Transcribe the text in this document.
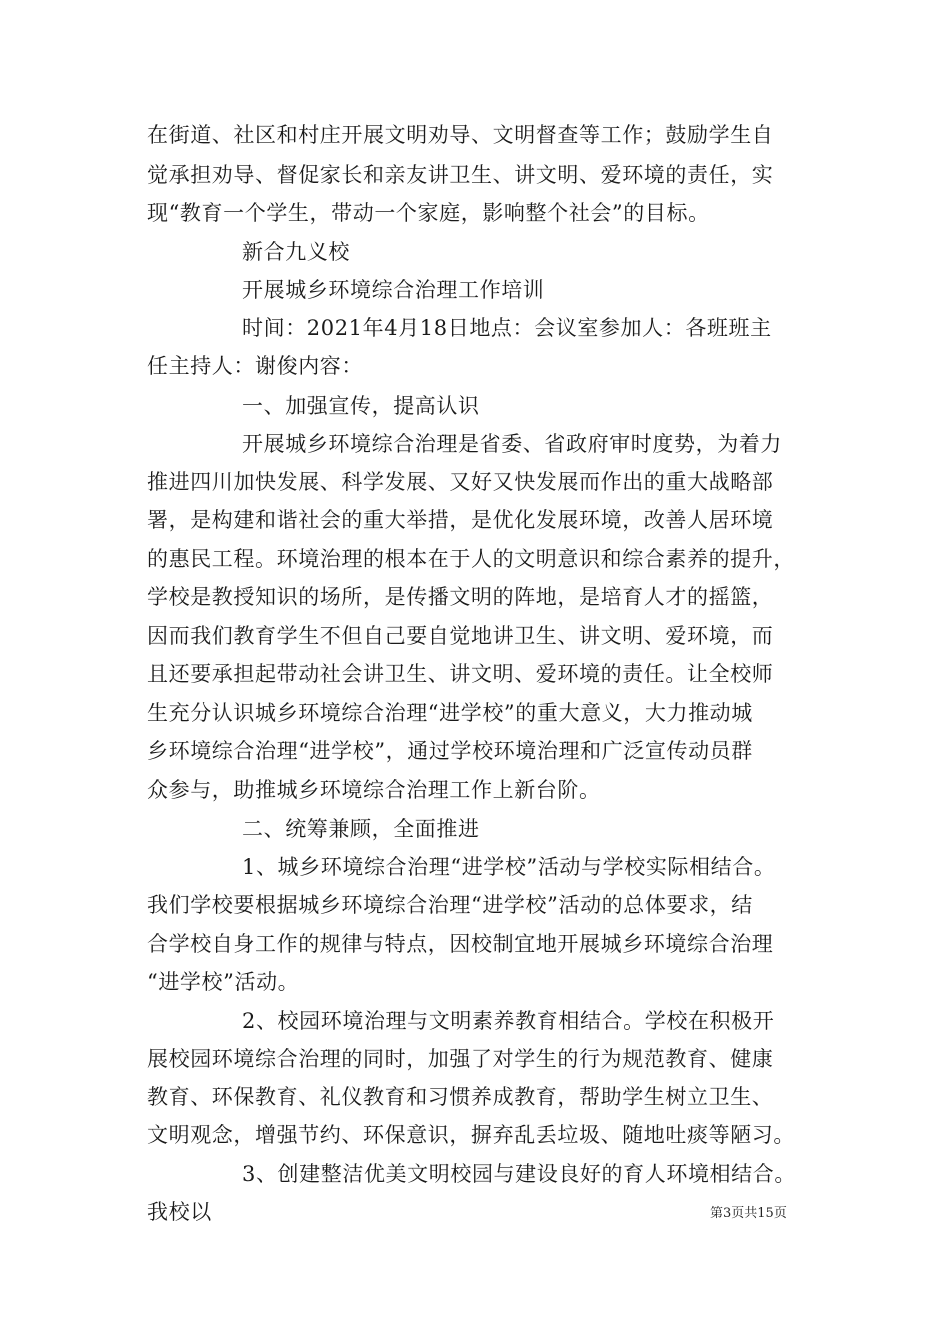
在街道、社区和村庄开展文明劝导、文明督查等工作；鼓励学生自
觉承担劝导、督促家长和亲友讲卫生、讲文明、爱环境的责任，实
现“教育一个学生，带动一个家庭，影响整个社会”的目标。
新合九义校
开展城乡环境综合治理工作培训
时间：2021年4月18日地点：会议室参加人：各班班主
任主持人：谢俊内容：
一、加强宣传，提高认识
开展城乡环境综合治理是省委、省政府审时度势，为着力
推进四川加快发展、科学发展、又好又快发展而作出的重大战略部
署，是构建和谐社会的重大举措，是优化发展环境，改善人居环境
的惠民工程。环境治理的根本在于人的文明意识和综合素养的提升，
学校是教授知识的场所，是传播文明的阵地，是培育人才的摇篮，
因而我们教育学生不但自己要自觉地讲卫生、讲文明、爱环境，而
且还要承担起带动社会讲卫生、讲文明、爱环境的责任。让全校师
生充分认识城乡环境综合治理“进学校”的重大意义，大力推动城
乡环境综合治理“进学校”，通过学校环境治理和广泛宣传动员群
众参与，助推城乡环境综合治理工作上新台阶。
二、统筹兼顾，全面推进
1、城乡环境综合治理“进学校”活动与学校实际相结合。
我们学校要根据城乡环境综合治理“进学校”活动的总体要求，结
合学校自身工作的规律与特点，因校制宜地开展城乡环境综合治理
“进学校”活动。
2、校园环境治理与文明素养教育相结合。学校在积极开
展校园环境综合治理的同时，加强了对学生的行为规范教育、健康
教育、环保教育、礼仪教育和习惯养成教育，帮助学生树立卫生、
文明观念，增强节约、环保意识，摒弃乱丢垃圾、随地吐痰等陋习。
3、创建整洁优美文明校园与建设良好的育人环境相结合。
我校以	第3页共15页
